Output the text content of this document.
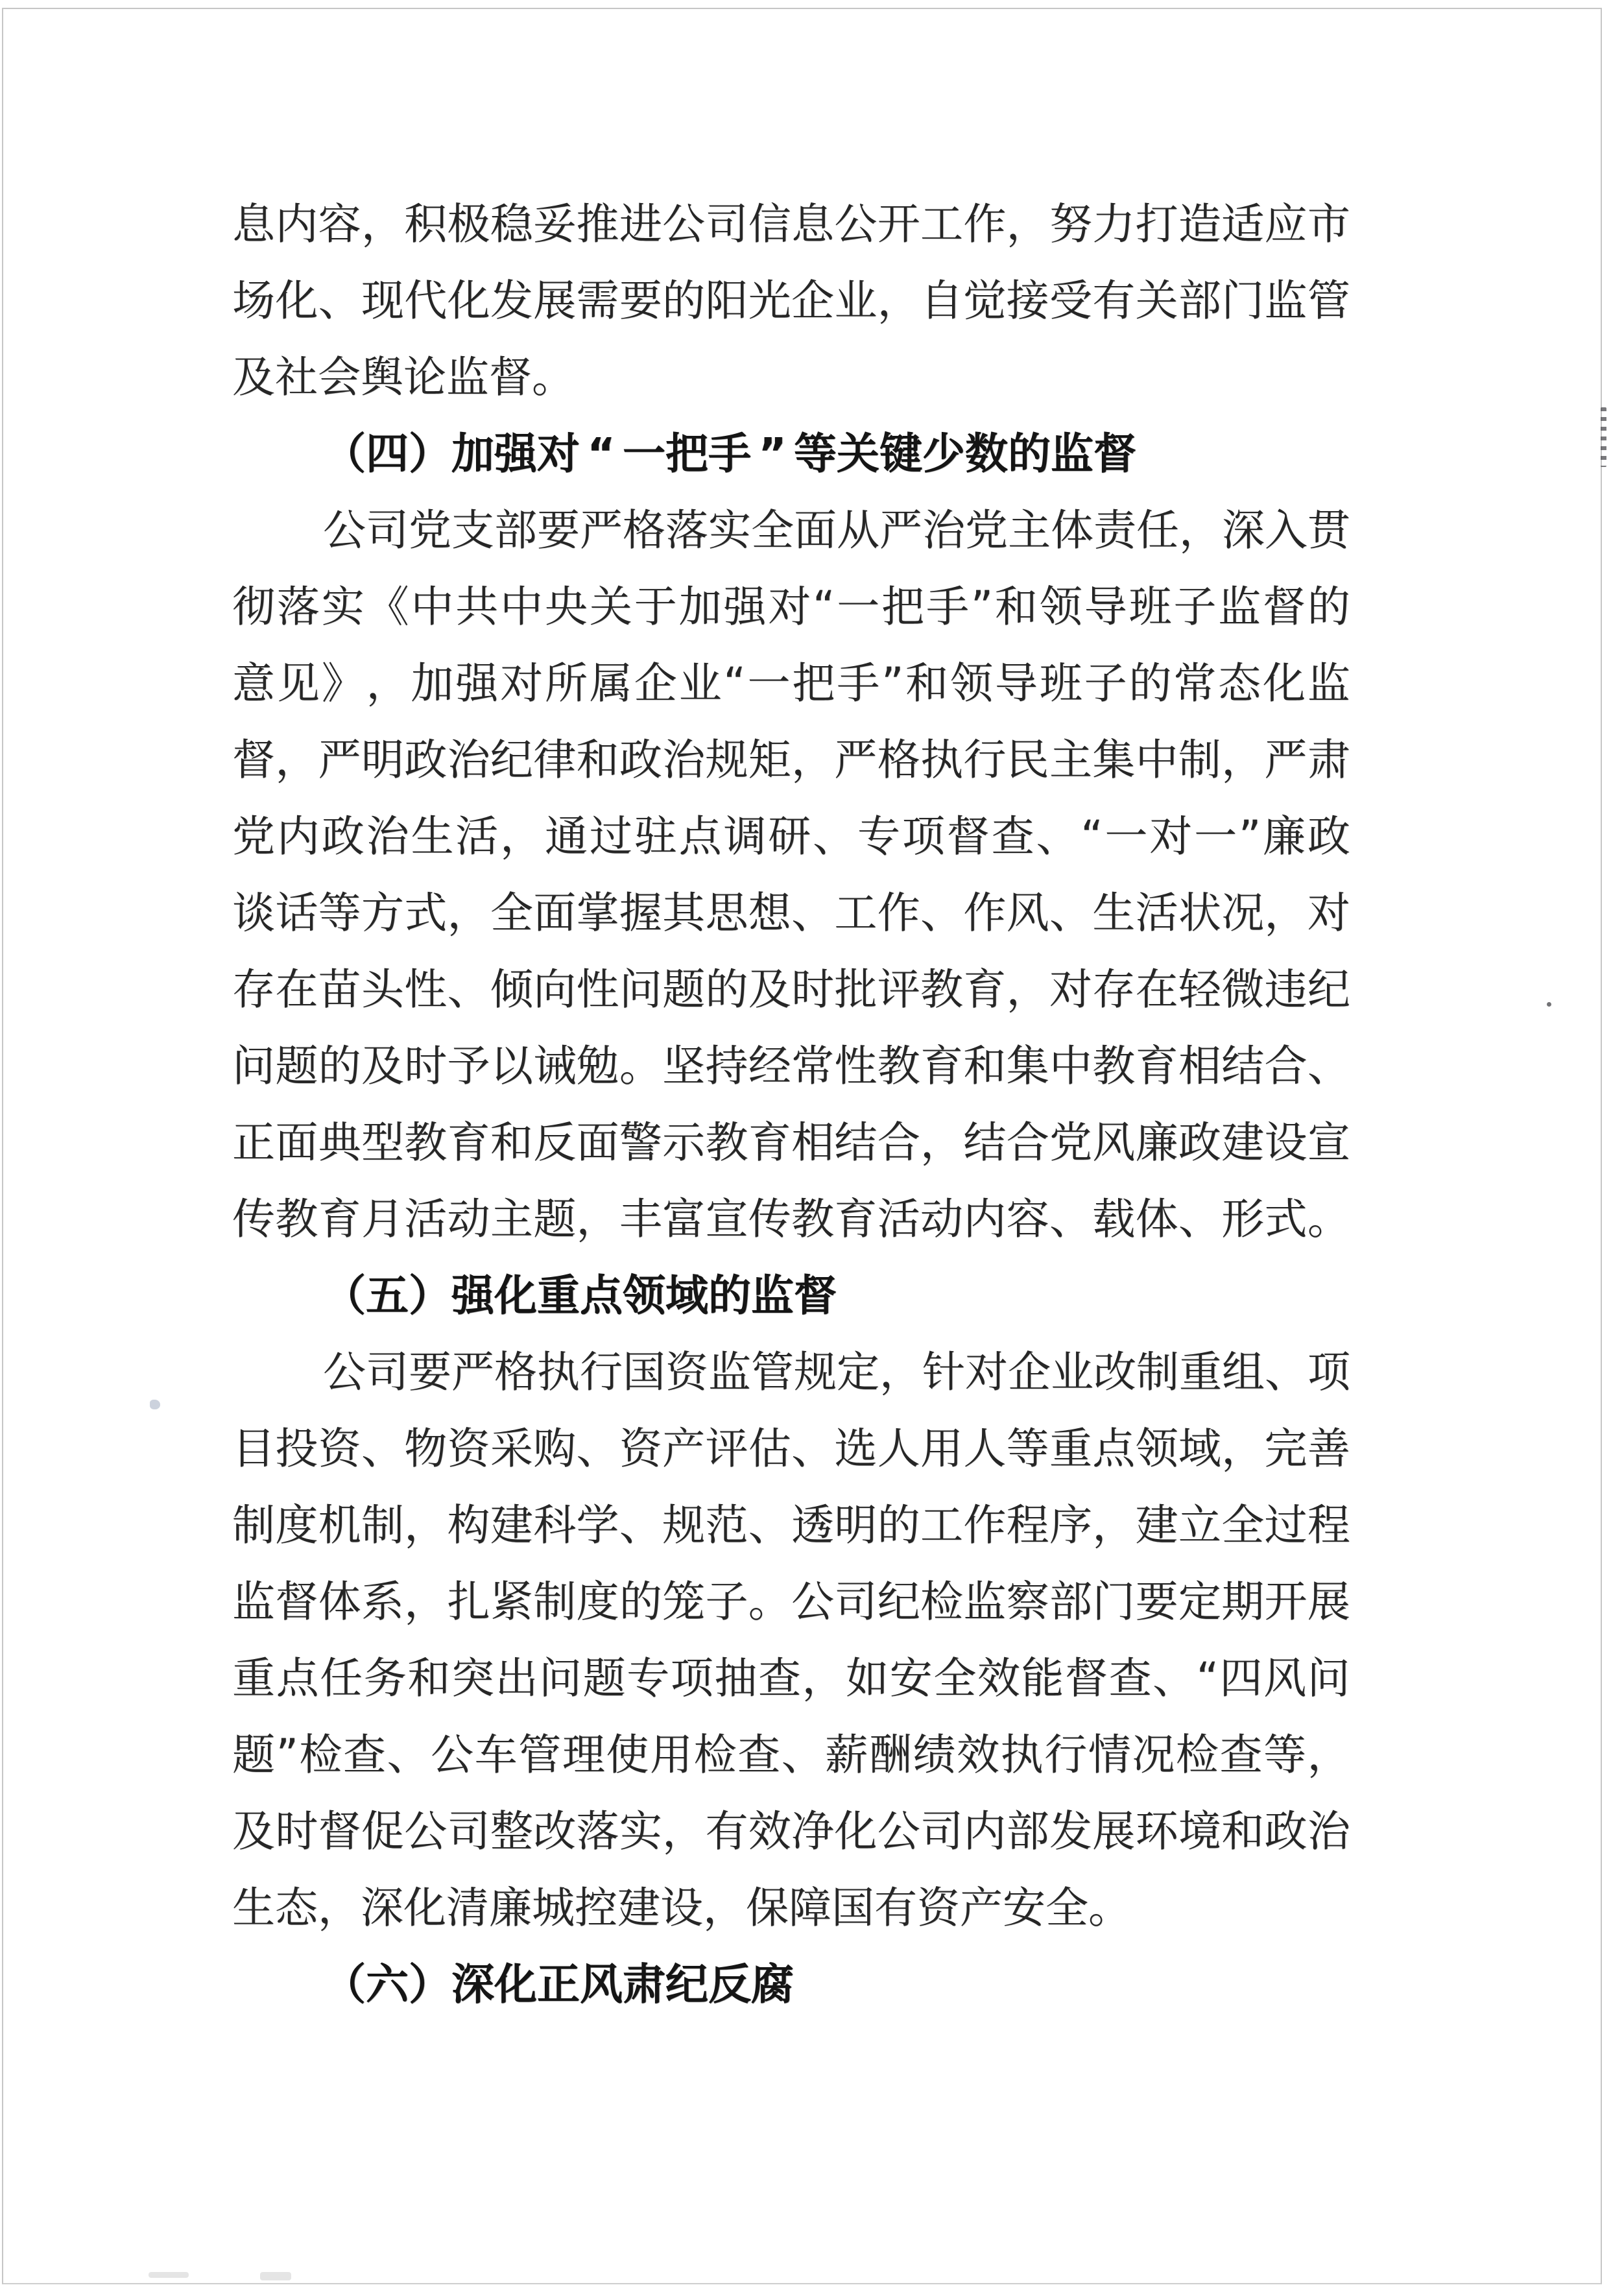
息 内 容 ， 积 极 稳 妥 推 进 公 司 信 息 公 开 工 作 ， 努 力 打 造 适 应 市
场 化 、 现 代 化 发 展 需 要 的 阳 光 企 业 ， 自 觉 接 受 有 关 部 门 监 管
及 社 会 舆 论 监 督 。
（ 四 ） 加 强 对 “ 一 把 手 ” 等 关 键 少 数 的 监 督
公 司 党 支 部 要 严 格 落 实 全 面 从 严 治 党 主 体 责 任 ， 深 入 贯
彻 落 实 《 中 共 中 央 关 于 加 强 对 “ 一 把 手 ” 和 领 导 班 子 监 督 的
意 见 》 ， 加 强 对 所 属 企 业 “ 一 把 手 ” 和 领 导 班 子 的 常 态 化 监
督 ， 严 明 政 治 纪 律 和 政 治 规 矩 ， 严 格 执 行 民 主 集 中 制 ， 严 肃
党 内 政 治 生 活 ， 通 过 驻 点 调 研 、 专 项 督 查 、 “ 一 对 一 ” 廉 政
谈 话 等 方 式 ， 全 面 掌 握 其 思 想 、 工 作 、 作 风 、 生 活 状 况 ， 对
存 在 苗 头 性 、 倾 向 性 问 题 的 及 时 批 评 教 育 ， 对 存 在 轻 微 违 纪
问 题 的 及 时 予 以 诫 勉 。 坚 持 经 常 性 教 育 和 集 中 教 育 相 结 合 、
正 面 典 型 教 育 和 反 面 警 示 教 育 相 结 合 ， 结 合 党 风 廉 政 建 设 宣
传 教 育 月 活 动 主 题 ， 丰 富 宣 传 教 育 活 动 内 容 、 载 体 、 形 式 。
（ 五 ） 强 化 重 点 领 域 的 监 督
公 司 要 严 格 执 行 国 资 监 管 规 定 ， 针 对 企 业 改 制 重 组 、 项
目 投 资 、 物 资 采 购 、 资 产 评 估 、 选 人 用 人 等 重 点 领 域 ， 完 善
制 度 机 制 ， 构 建 科 学 、 规 范 、 透 明 的 工 作 程 序 ， 建 立 全 过 程
监 督 体 系 ， 扎 紧 制 度 的 笼 子 。 公 司 纪 检 监 察 部 门 要 定 期 开 展
重 点 任 务 和 突 出 问 题 专 项 抽 查 ， 如 安 全 效 能 督 查 、 “ 四 风 问
题 ” 检 查 、 公 车 管 理 使 用 检 查 、 薪 酬 绩 效 执 行 情 况 检 查 等 ，
及 时 督 促 公 司 整 改 落 实 ， 有 效 净 化 公 司 内 部 发 展 环 境 和 政 治
生 态 ， 深 化 清 廉 城 控 建 设 ， 保 障 国 有 资 产 安 全 。
（ 六 ） 深 化 正 风 肃 纪 反 腐
